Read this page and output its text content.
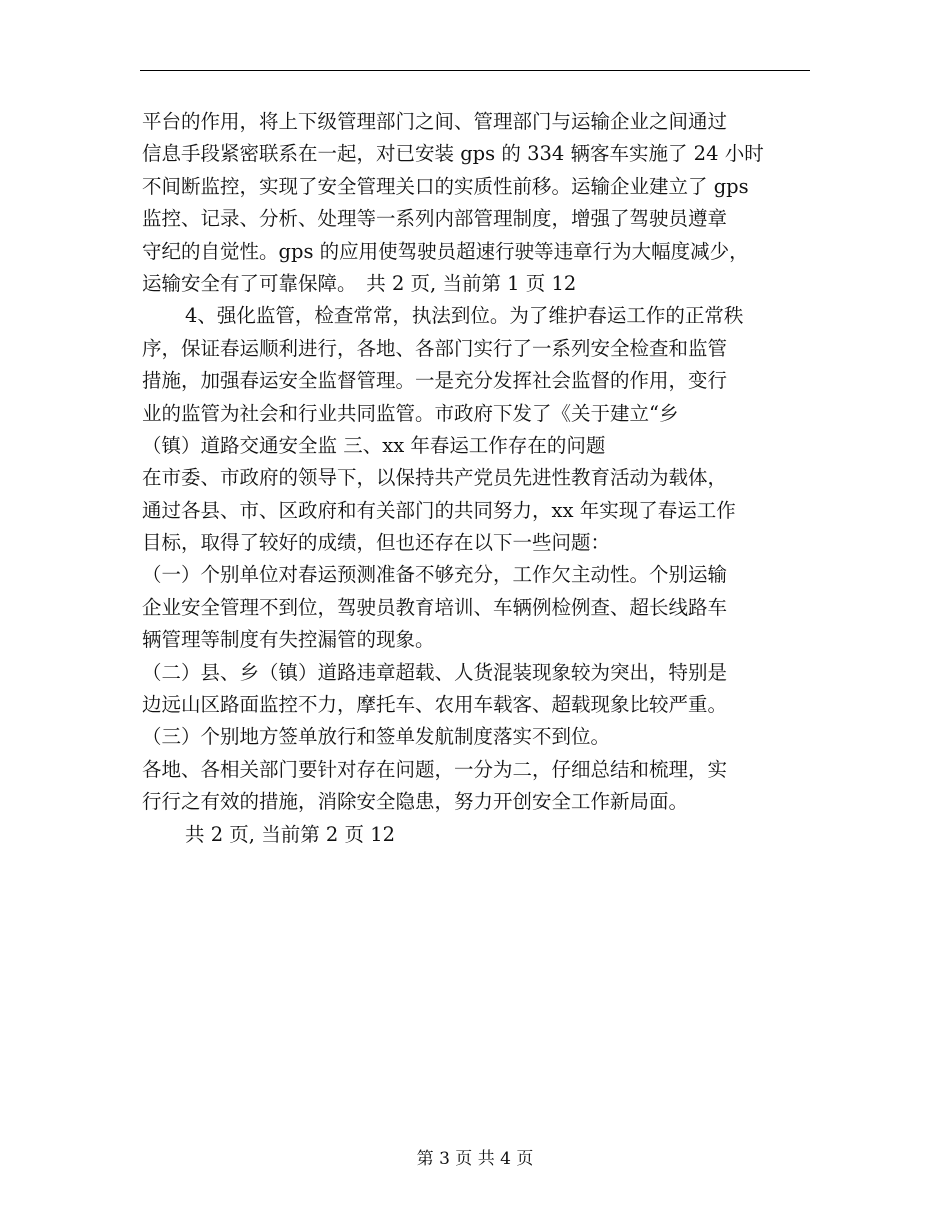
平台的作用，将上下级管理部门之间、管理部门与运输企业之间通过
信息手段紧密联系在一起，对已安装 gps 的 334 辆客车实施了 24 小时
不间断监控，实现了安全管理关口的实质性前移。运输企业建立了 gps
监控、记录、分析、处理等一系列内部管理制度，增强了驾驶员遵章
守纪的自觉性。gps 的应用使驾驶员超速行驶等违章行为大幅度减少，
运输安全有了可靠保障。　共 2 页, 当前第 1 页 12
4、强化监管，检查常常，执法到位。为了维护春运工作的正常秩
序，保证春运顺利进行，各地、各部门实行了一系列安全检查和监管
措施，加强春运安全监督管理。一是充分发挥社会监督的作用，变行
业的监管为社会和行业共同监管。市政府下发了《关于建立“乡
（镇）道路交通安全监 三、xx 年春运工作存在的问题
在市委、市政府的领导下，以保持共产党员先进性教育活动为载体，
通过各县、市、区政府和有关部门的共同努力，xx 年实现了春运工作
目标，取得了较好的成绩，但也还存在以下一些问题：
（一）个别单位对春运预测准备不够充分，工作欠主动性。个别运输
企业安全管理不到位，驾驶员教育培训、车辆例检例查、超长线路车
辆管理等制度有失控漏管的现象。
（二）县、乡（镇）道路违章超载、人货混装现象较为突出，特别是
边远山区路面监控不力，摩托车、农用车载客、超载现象比较严重。
（三）个别地方签单放行和签单发航制度落实不到位。
各地、各相关部门要针对存在问题，一分为二，仔细总结和梳理，实
行行之有效的措施，消除安全隐患，努力开创安全工作新局面。
共 2 页, 当前第 2 页 12
第 3 页 共 4 页
